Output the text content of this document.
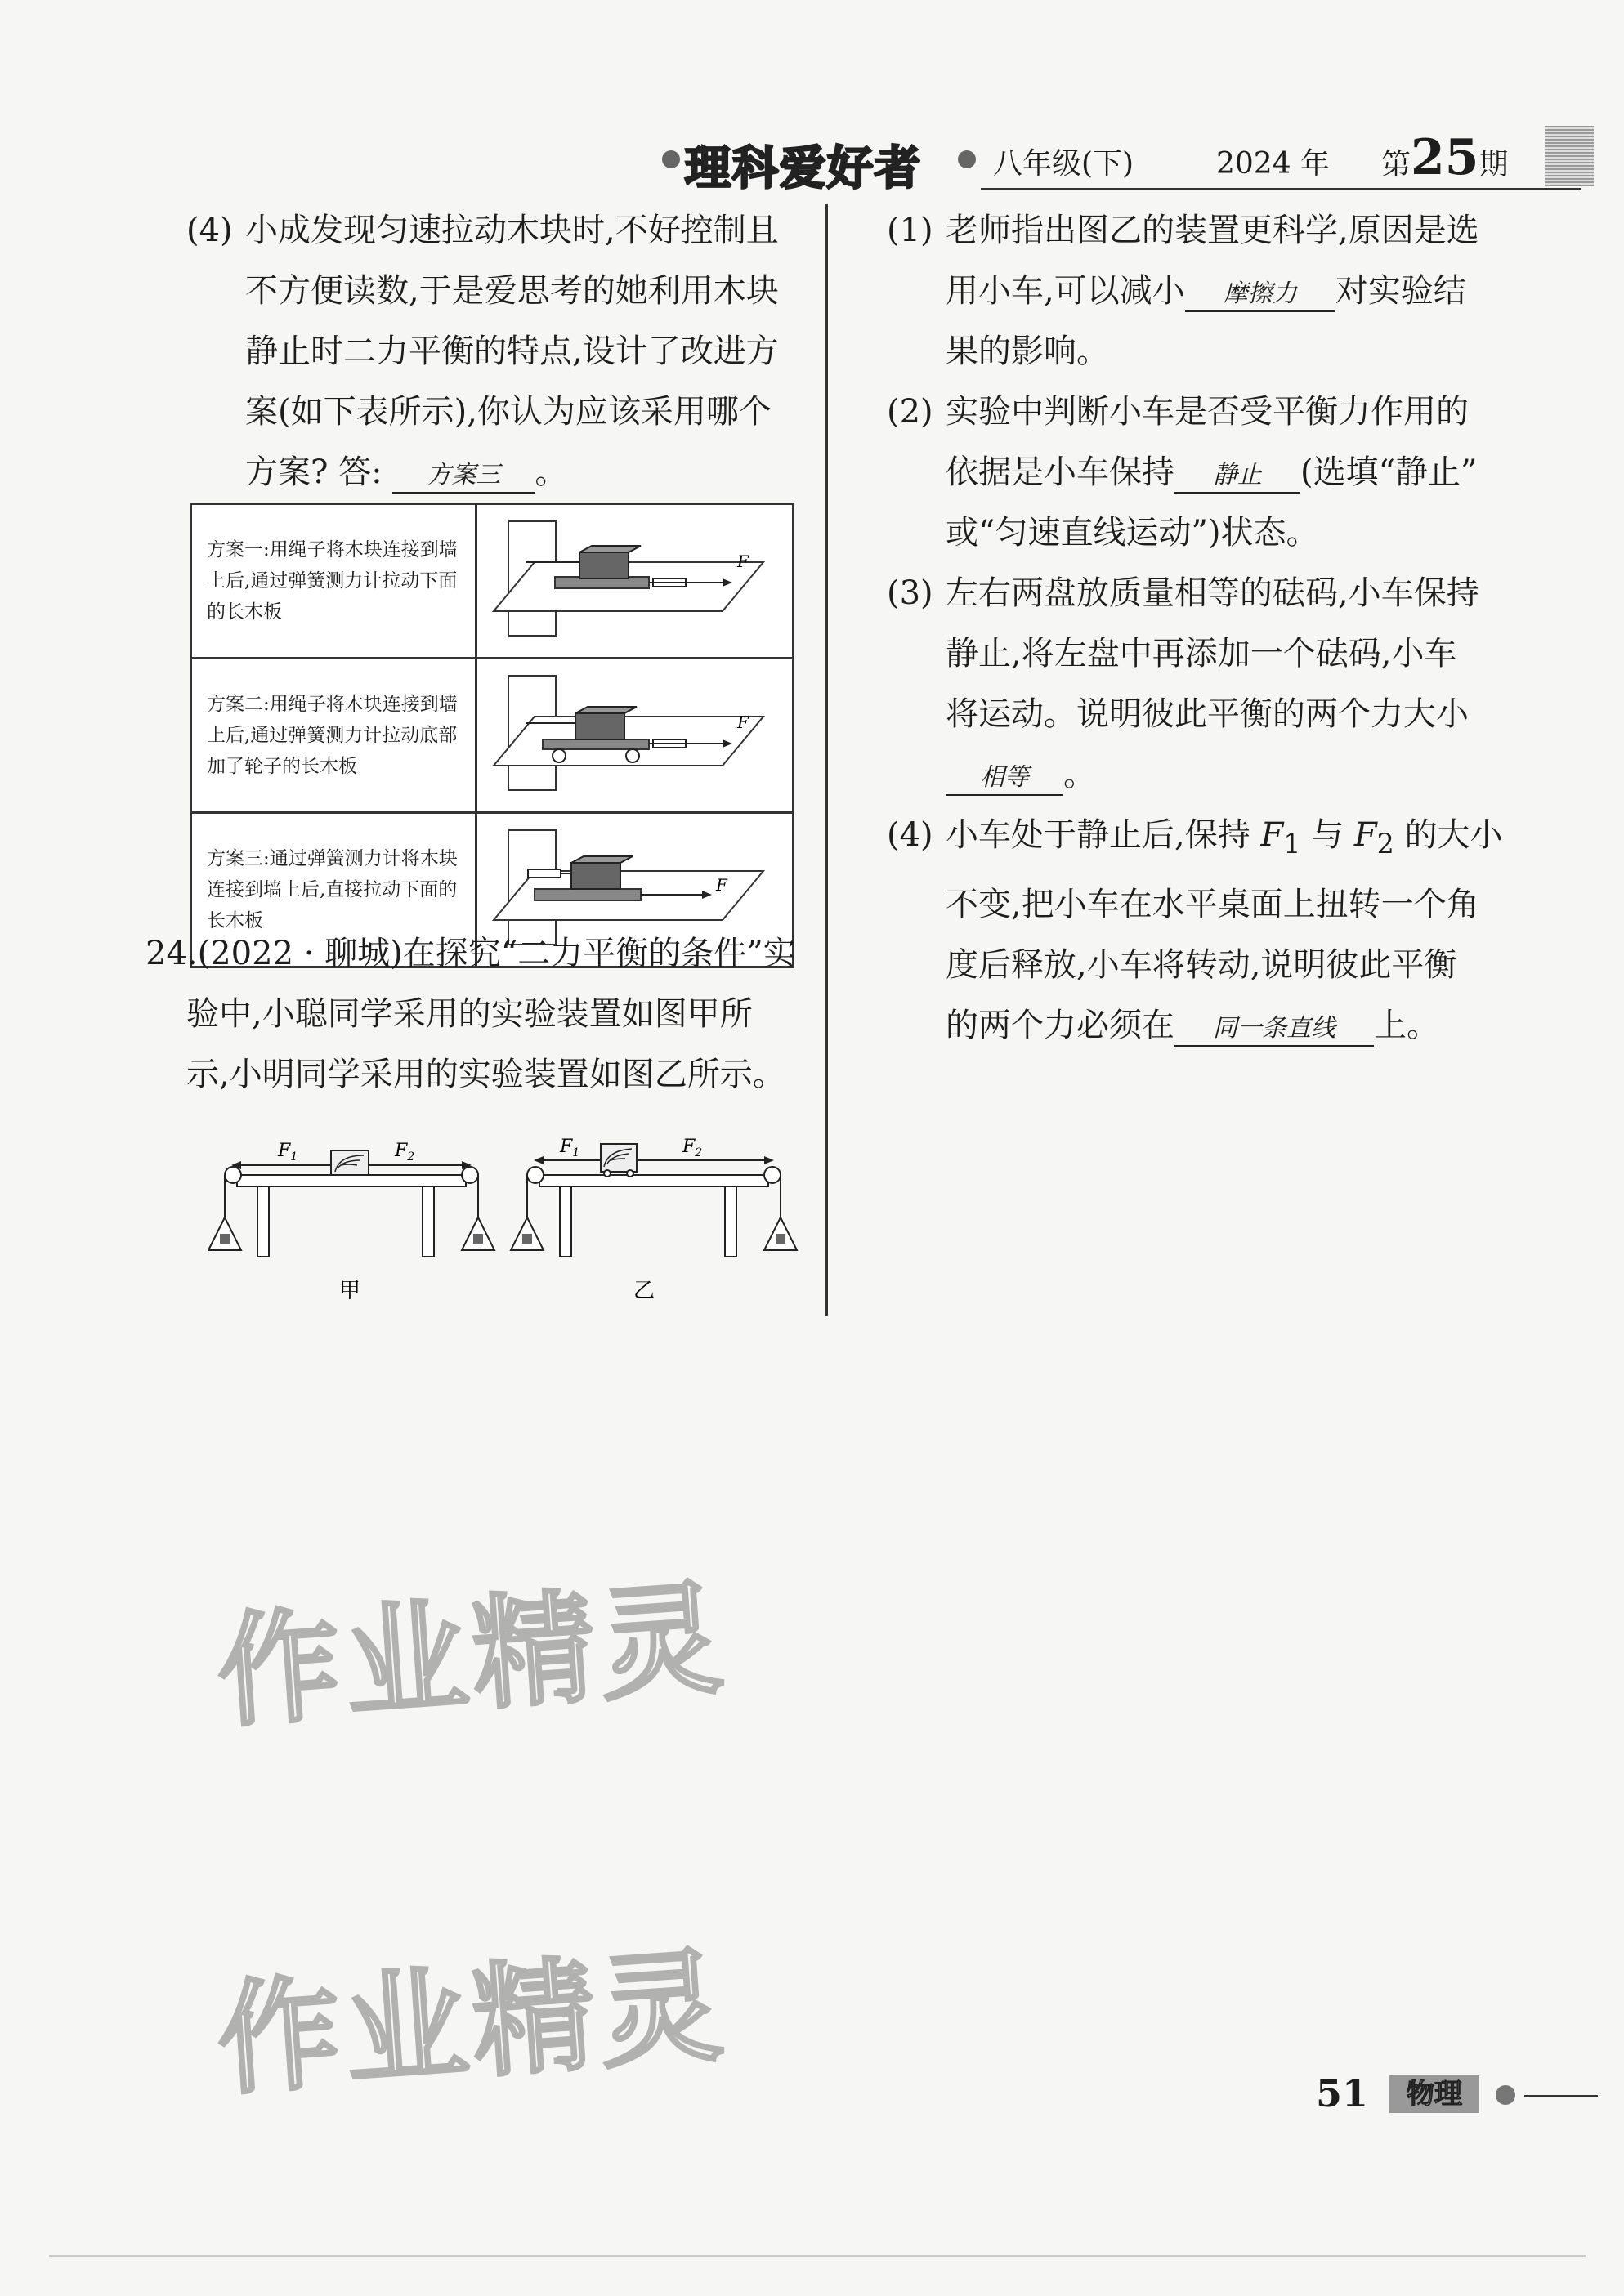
理科爱好者 八年级(下)	2024 年 第25期
(4) 小成发现匀速拉动木块时,不好控制且
不方便读数,于是爱思考的她利用木块
静止时二力平衡的特点,设计了改进方
案(如下表所示),你认为应该采用哪个
方案? 答: 方案三 。
方案一:用绳子将木块连接到墙上后,通过弹簧测力计拉动下面的长木板	F

方案二:用绳子将木块连接到墙上后,通过弹簧测力计拉动底部加了轮子的长木板	F

方案三:通过弹簧测力计将木块连接到墙上后,直接拉动下面的长木板	F
24.(2022 · 聊城)在探究“二力平衡的条件”实
验中,小聪同学采用的实验装置如图甲所
示,小明同学采用的实验装置如图乙所示。
$F_1$	$F_2$
甲
$F_1$	$F_2$
乙
(1) 老师指出图乙的装置更科学,原因是选
用小车,可以减小 摩擦力 对实验结
果的影响。
(2) 实验中判断小车是否受平衡力作用的
依据是小车保持 静止 (选填“静止”
或“匀速直线运动”)状态。
(3) 左右两盘放质量相等的砝码,小车保持
静止,将左盘中再添加一个砝码,小车
将运动。说明彼此平衡的两个力大小
相等 。
(4) 小车处于静止后,保持 $F_1$ 与 $F_2$ 的大小
不变,把小车在水平桌面上扭转一个角
度后释放,小车将转动,说明彼此平衡
的两个力必须在 同一条直线 上。
作业精灵
作业精灵	51	物理
